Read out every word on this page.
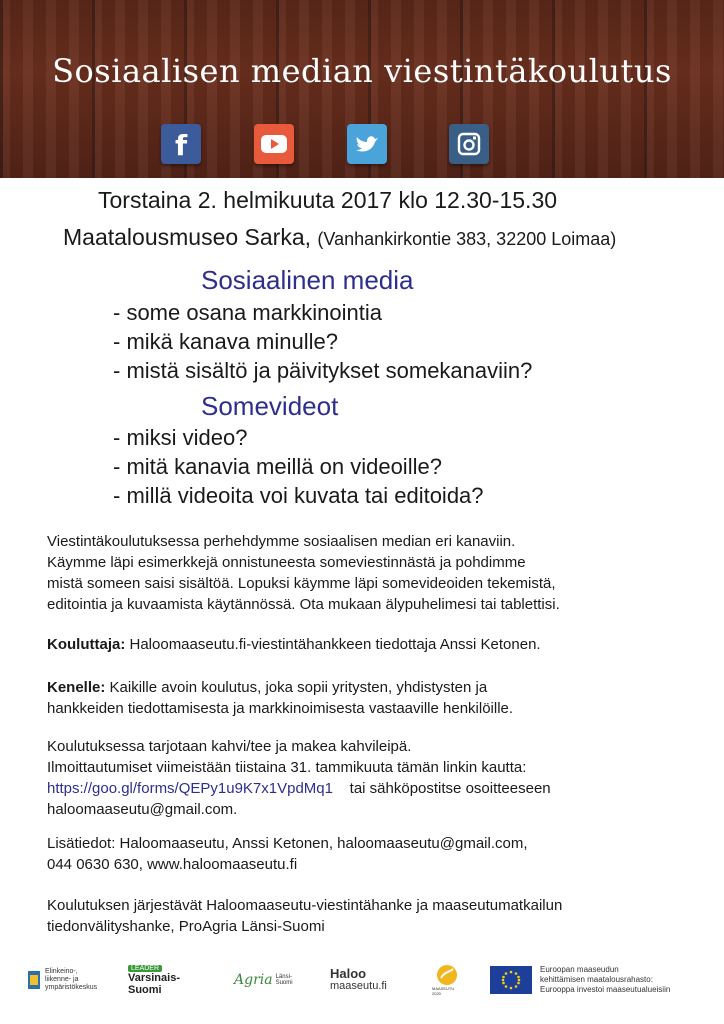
Sosiaalisen median viestintäkoulutus
f

Torstaina 2. helmikuuta 2017 klo 12.30-15.30

Maatalousmuseo Sarka, (Vanhankirkontie 383, 32200 Loimaa)

Sosiaalinen media

- some osana markkinointia

- mikä kanava minulle?

- mistä sisältö ja päivitykset somekanaviin?

Somevideot

- miksi video?

- mitä kanavia meillä on videoille?

- millä videoita voi kuvata tai editoida?

Viestintäkoulutuksessa perhehdymme sosiaalisen median eri kanaviin.
Käymme läpi esimerkkejä onnistuneesta someviestinnästä ja pohdimme
mistä someen saisi sisältöä. Lopuksi käymme läpi somevideoiden tekemistä,
editointia ja kuvaamista käytännössä. Ota mukaan älypuhelimesi tai tablettisi.
Kouluttaja: Haloomaaseutu.fi-viestintähankkeen tiedottaja Anssi Ketonen.
Kenelle: Kaikille avoin koulutus, joka sopii yritysten, yhdistysten ja
hankkeiden tiedottamisesta ja markkinoimisesta vastaaville henkilöille.
Koulutuksessa tarjotaan kahvi/tee ja makea kahvileipä.
Ilmoittautumiset viimeistään tiistaina 31. tammikuuta tämän linkin kautta:
https://goo.gl/forms/QEPy1u9K7x1VpdMq1 tai sähköpostitse osoitteeseen
haloomaaseutu@gmail.com.
Lisätiedot: Haloomaaseutu, Anssi Ketonen, haloomaaseutu@gmail.com,
044 0630 630, www.haloomaaseutu.fi
Koulutuksen järjestävät Haloomaaseutu-viestintähanke ja maaseutumatkailun
tiedonvälityshanke, ProAgria Länsi-Suomi
Elinkeino-, liikenne- ja ympäristökeskus
LEADER
Varsinais-Suomi
Agria Länsi-Suomi
Haloo
maaseutu.fi	MAASEUTU 2020
Euroopan maaseudun
kehittämisen maatalousrahasto:
Eurooppa investoi maaseutualueisiin
